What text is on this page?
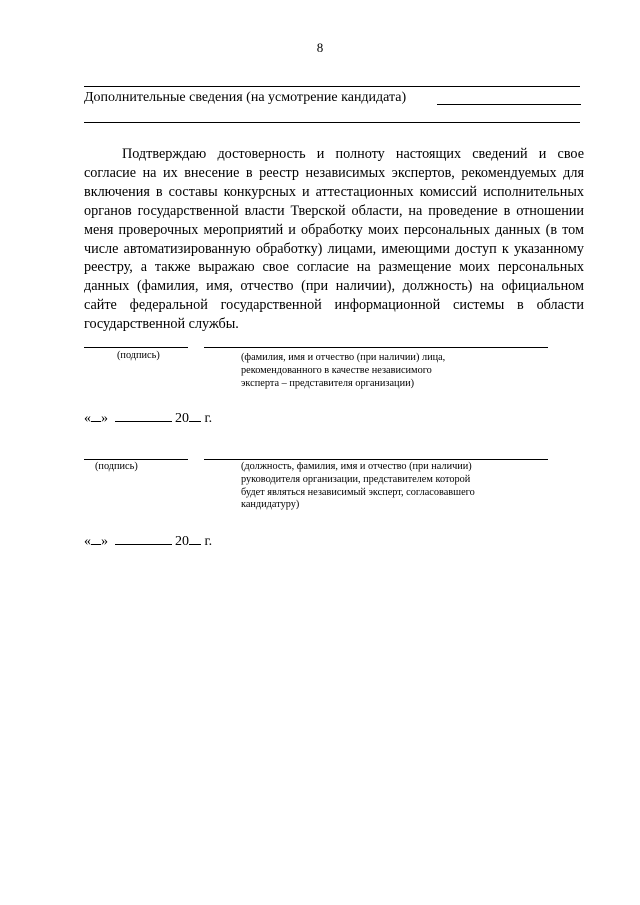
8
Дополнительные сведения (на усмотрение кандидата)
Подтверждаю достоверность и полноту настоящих сведений и свое согласие на их внесение в реестр независимых экспертов, рекомендуемых для включения в составы конкурсных и аттестационных комиссий исполнительных органов государственной власти Тверской области, на проведение в отношении меня проверочных мероприятий и обработку моих персональных данных (в том числе автоматизированную обработку) лицами, имеющими доступ к указанному реестру, а также выражаю свое согласие на размещение моих персональных данных (фамилия, имя, отчество (при наличии), должность) на официальном сайте федеральной государственной информационной системы в области государственной службы.
(подпись)	(фамилия, имя и отчество (при наличии) лица,
рекомендованного в качестве независимого
эксперта – представителя организации)
« »	20 г.
(подпись)	(должность, фамилия, имя и отчество (при наличии)
руководителя организации, представителем которой
будет являться независимый эксперт, согласовавшего
кандидатуру)
« »	20 г.
